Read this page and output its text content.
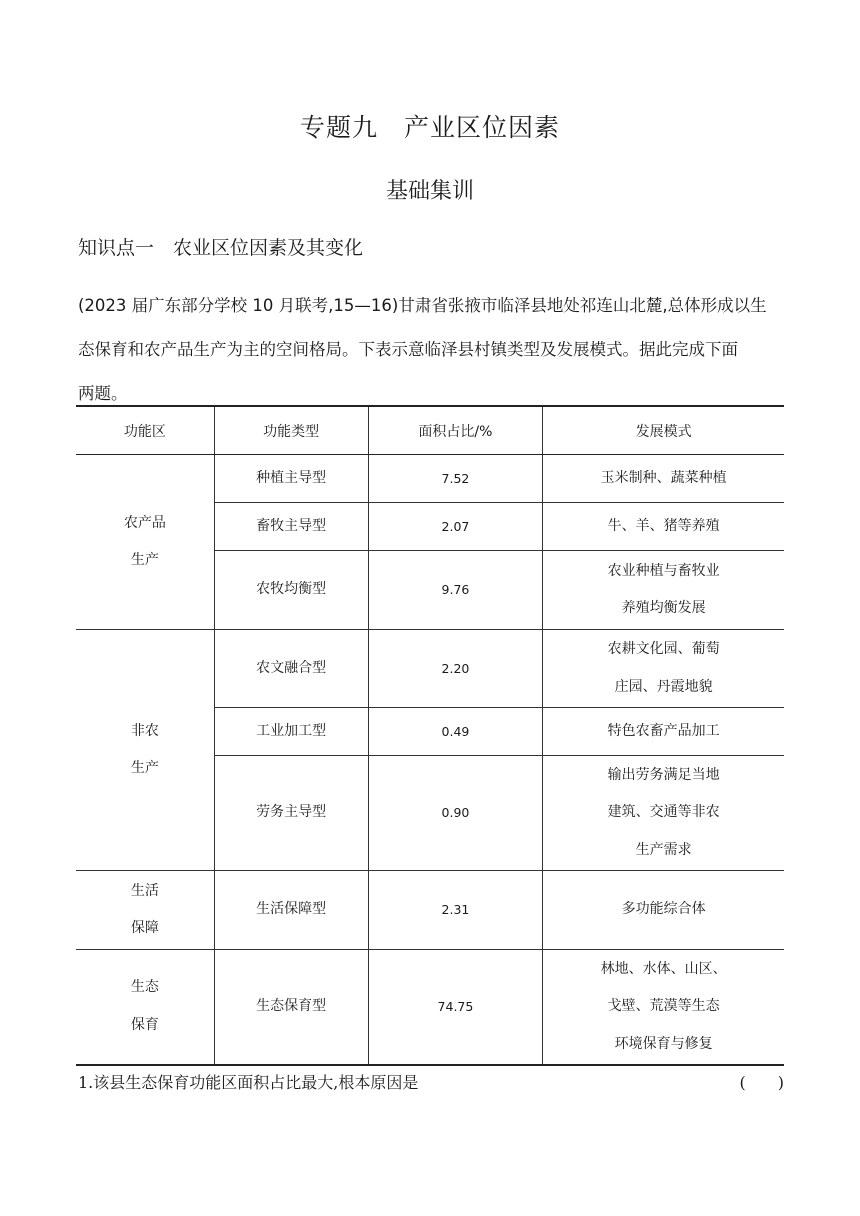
专题九　产业区位因素
基础集训
知识点一　农业区位因素及其变化
(2023 届广东部分学校 10 月联考,15—16)甘肃省张掖市临泽县地处祁连山北麓,总体形成以生
态保育和农产品生产为主的空间格局。下表示意临泽县村镇类型及发展模式。据此完成下面
两题。
功能区	功能类型	面积占比/%	发展模式

农产品
生产	种植主导型	7.52	玉米制种、蔬菜种植
	畜牧主导型	2.07	牛、羊、猪等养殖
	农牧均衡型	9.76	农业种植与畜牧业
养殖均衡发展

非农
生产	农文融合型	2.20	农耕文化园、葡萄
庄园、丹霞地貌

	工业加工型	0.49	特色农畜产品加工
	劳务主导型	0.90	输出劳务满足当地
建筑、交通等非农
生产需求

生活
保障	生活保障型	2.31	多功能综合体

生态
保育	生态保育型	74.75	林地、水体、山区、
戈壁、荒漠等生态
环境保育与修复
1.该县生态保育功能区面积占比最大,根本原因是	(　　)
